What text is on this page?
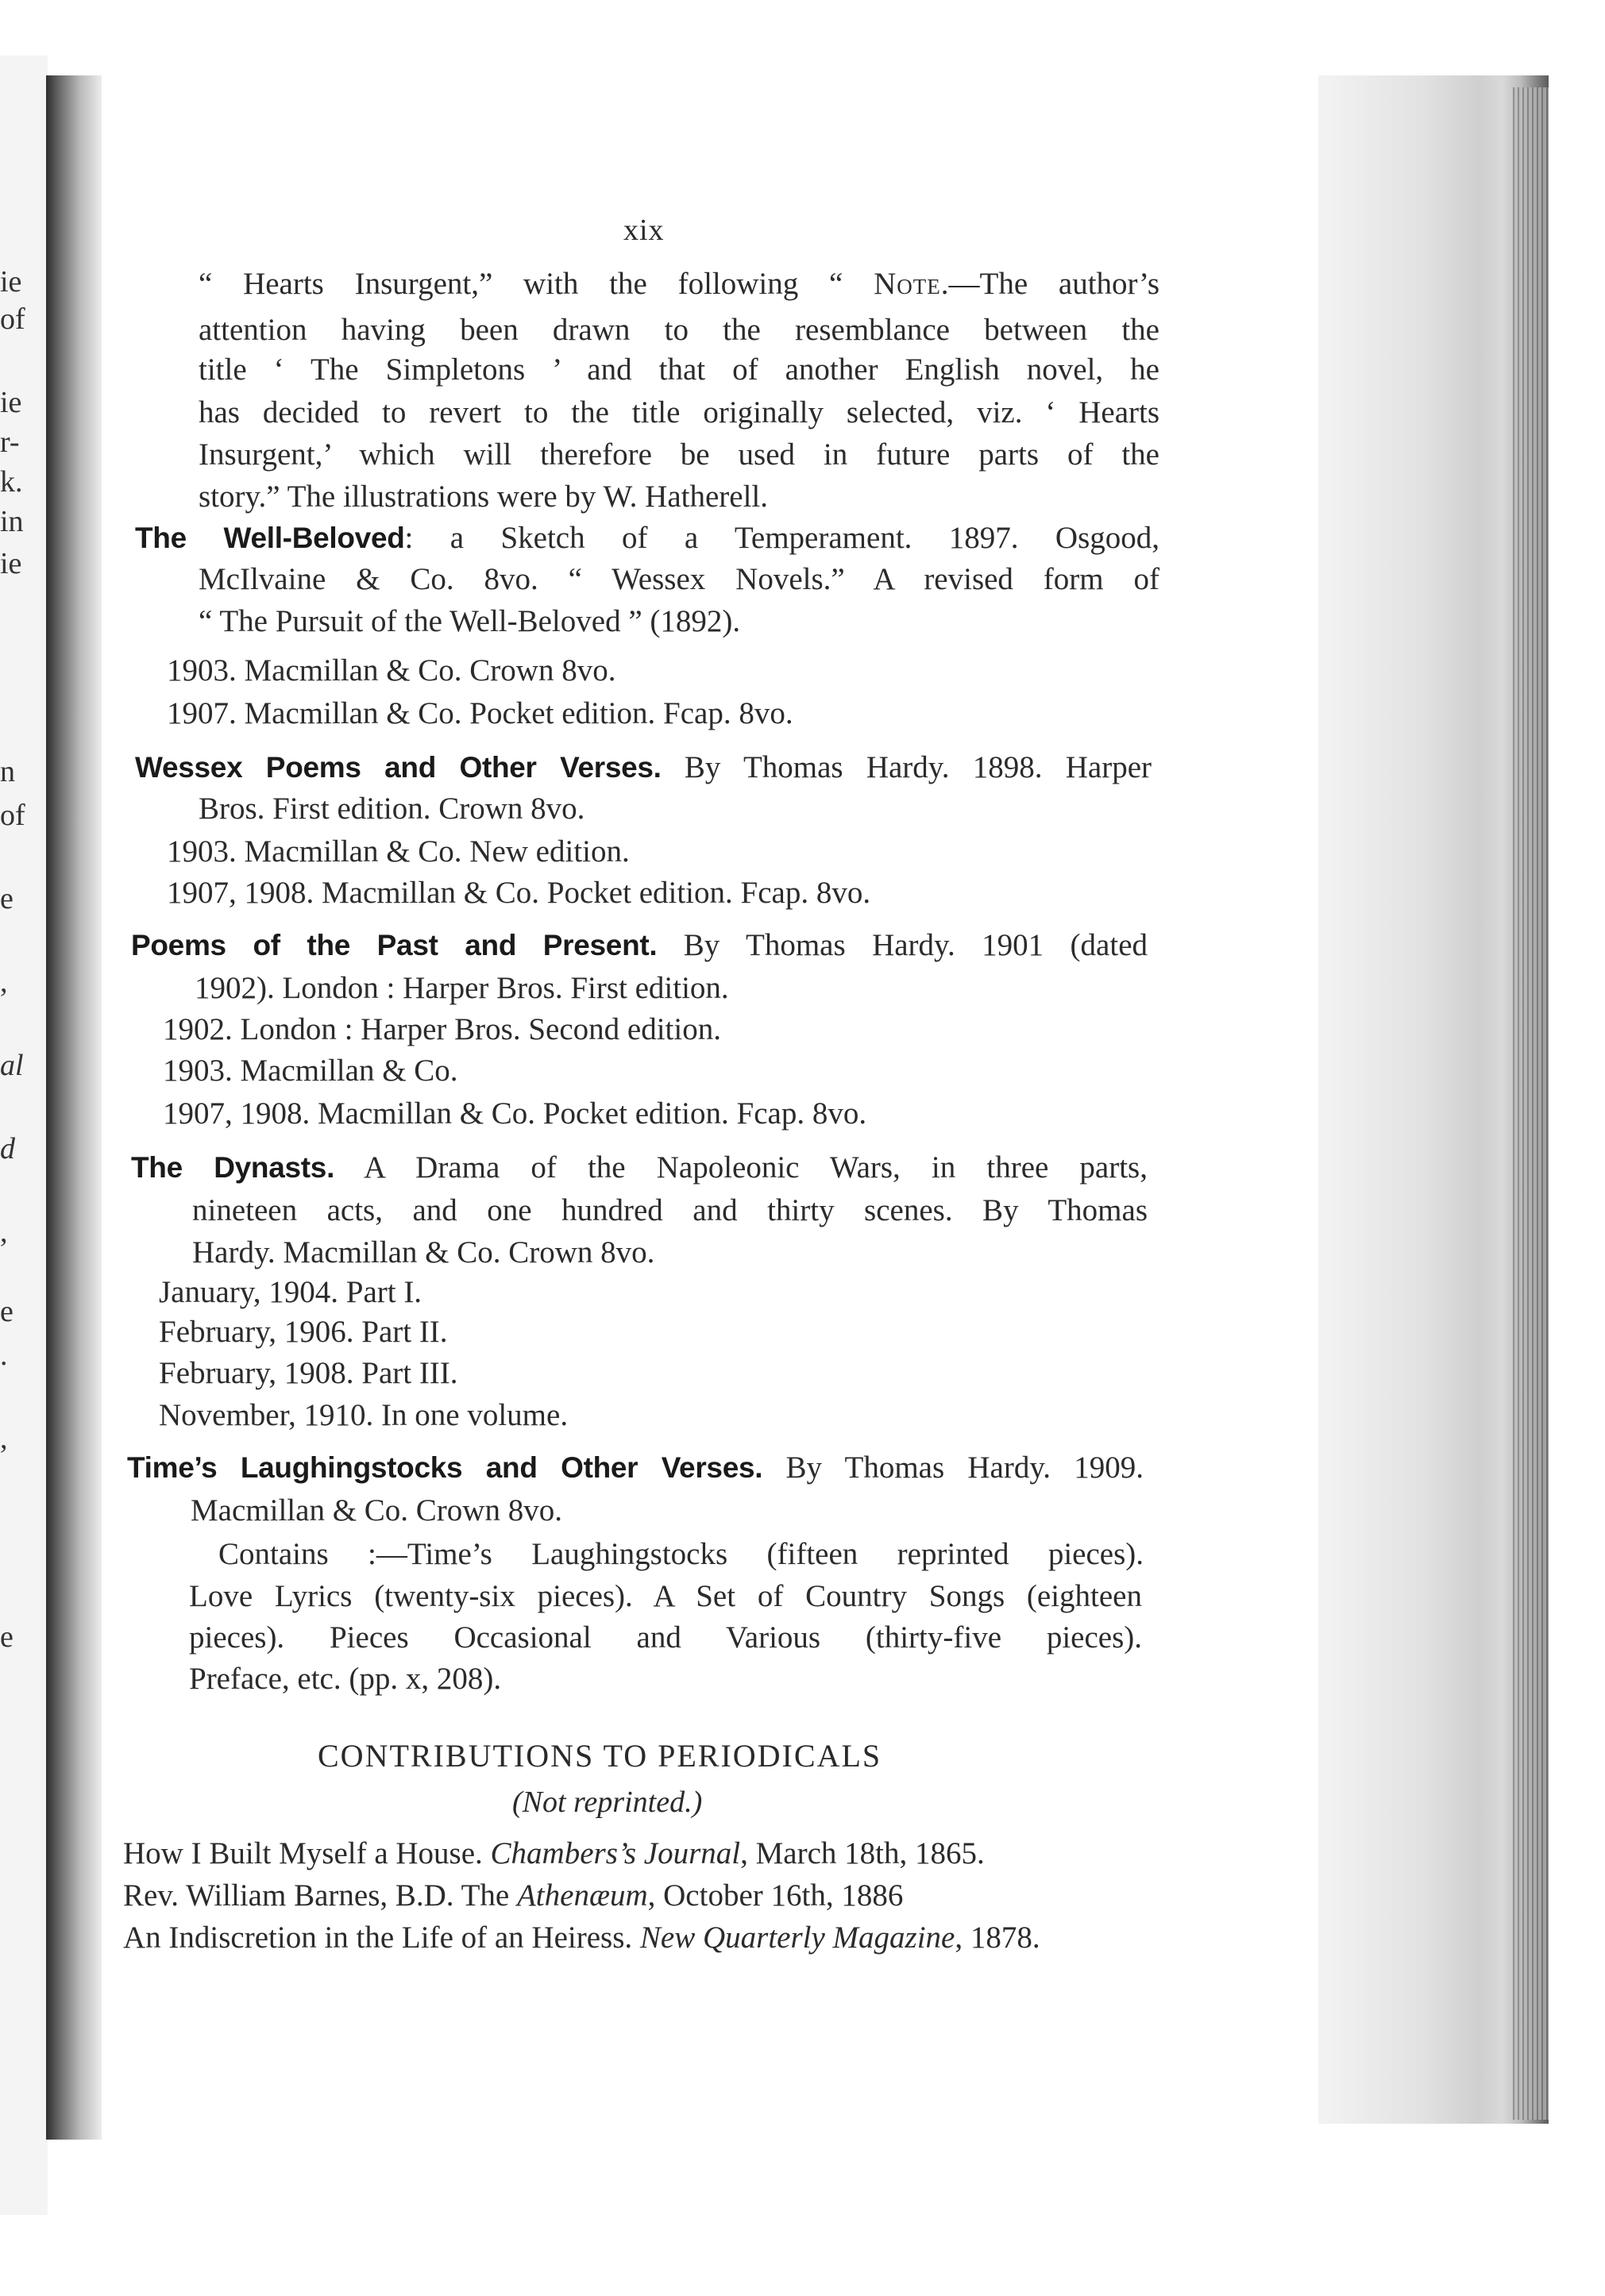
ie
of
ie
r-
k.
in
ie
n
of
e
,
al
d
,
e
.
,
e
xix
“ Hearts Insurgent,” with the following “ Note.—The author’s
attention having been drawn to the resemblance between the
title ‘ The Simpletons ’ and that of another English novel, he
has decided to revert to the title originally selected, viz. ‘ Hearts
Insurgent,’ which will therefore be used in future parts of the
story.” The illustrations were by W. Hatherell.
The Well-Beloved: a Sketch of a Temperament. 1897. Osgood,
McIlvaine & Co. 8vo. “ Wessex Novels.” A revised form of
“ The Pursuit of the Well-Beloved ” (1892).
1903. Macmillan & Co. Crown 8vo.
1907. Macmillan & Co. Pocket edition. Fcap. 8vo.
Wessex Poems and Other Verses. By Thomas Hardy. 1898. Harper
Bros. First edition. Crown 8vo.
1903. Macmillan & Co. New edition.
1907, 1908. Macmillan & Co. Pocket edition. Fcap. 8vo.
Poems of the Past and Present. By Thomas Hardy. 1901 (dated
1902). London : Harper Bros. First edition.
1902. London : Harper Bros. Second edition.
1903. Macmillan & Co.
1907, 1908. Macmillan & Co. Pocket edition. Fcap. 8vo.
The Dynasts. A Drama of the Napoleonic Wars, in three parts,
nineteen acts, and one hundred and thirty scenes. By Thomas
Hardy. Macmillan & Co. Crown 8vo.
January, 1904. Part I.
February, 1906. Part II.
February, 1908. Part III.
November, 1910. In one volume.
Time’s Laughingstocks and Other Verses. By Thomas Hardy. 1909.
Macmillan & Co. Crown 8vo.
Contains :—Time’s Laughingstocks (fifteen reprinted pieces).
Love Lyrics (twenty-six pieces). A Set of Country Songs (eighteen
pieces). Pieces Occasional and Various (thirty-five pieces).
Preface, etc. (pp. x, 208).
CONTRIBUTIONS TO PERIODICALS
(Not reprinted.)
How I Built Myself a House. Chambers’s Journal, March 18th, 1865.
Rev. William Barnes, B.D. The Athenæum, October 16th, 1886
An Indiscretion in the Life of an Heiress. New Quarterly Magazine, 1878.
